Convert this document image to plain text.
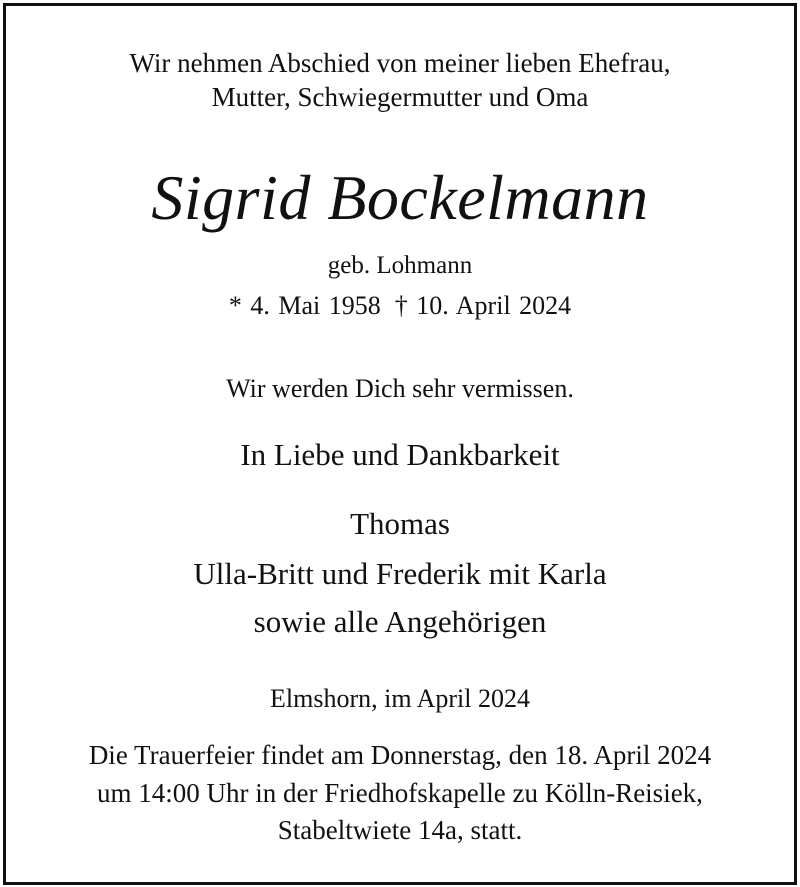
Wir nehmen Abschied von meiner lieben Ehefrau,
Mutter, Schwiegermutter und Oma
Sigrid Bockelmann
geb. Lohmann
* 4. Mai 1958 † 10. April 2024
Wir werden Dich sehr vermissen.
In Liebe und Dankbarkeit
Thomas
Ulla-Britt und Frederik mit Karla
sowie alle Angehörigen
Elmshorn, im April 2024
Die Trauerfeier findet am Donnerstag, den 18. April 2024
um 14:00 Uhr in der Friedhofskapelle zu Kölln-Reisiek,
Stabeltwiete 14a, statt.
